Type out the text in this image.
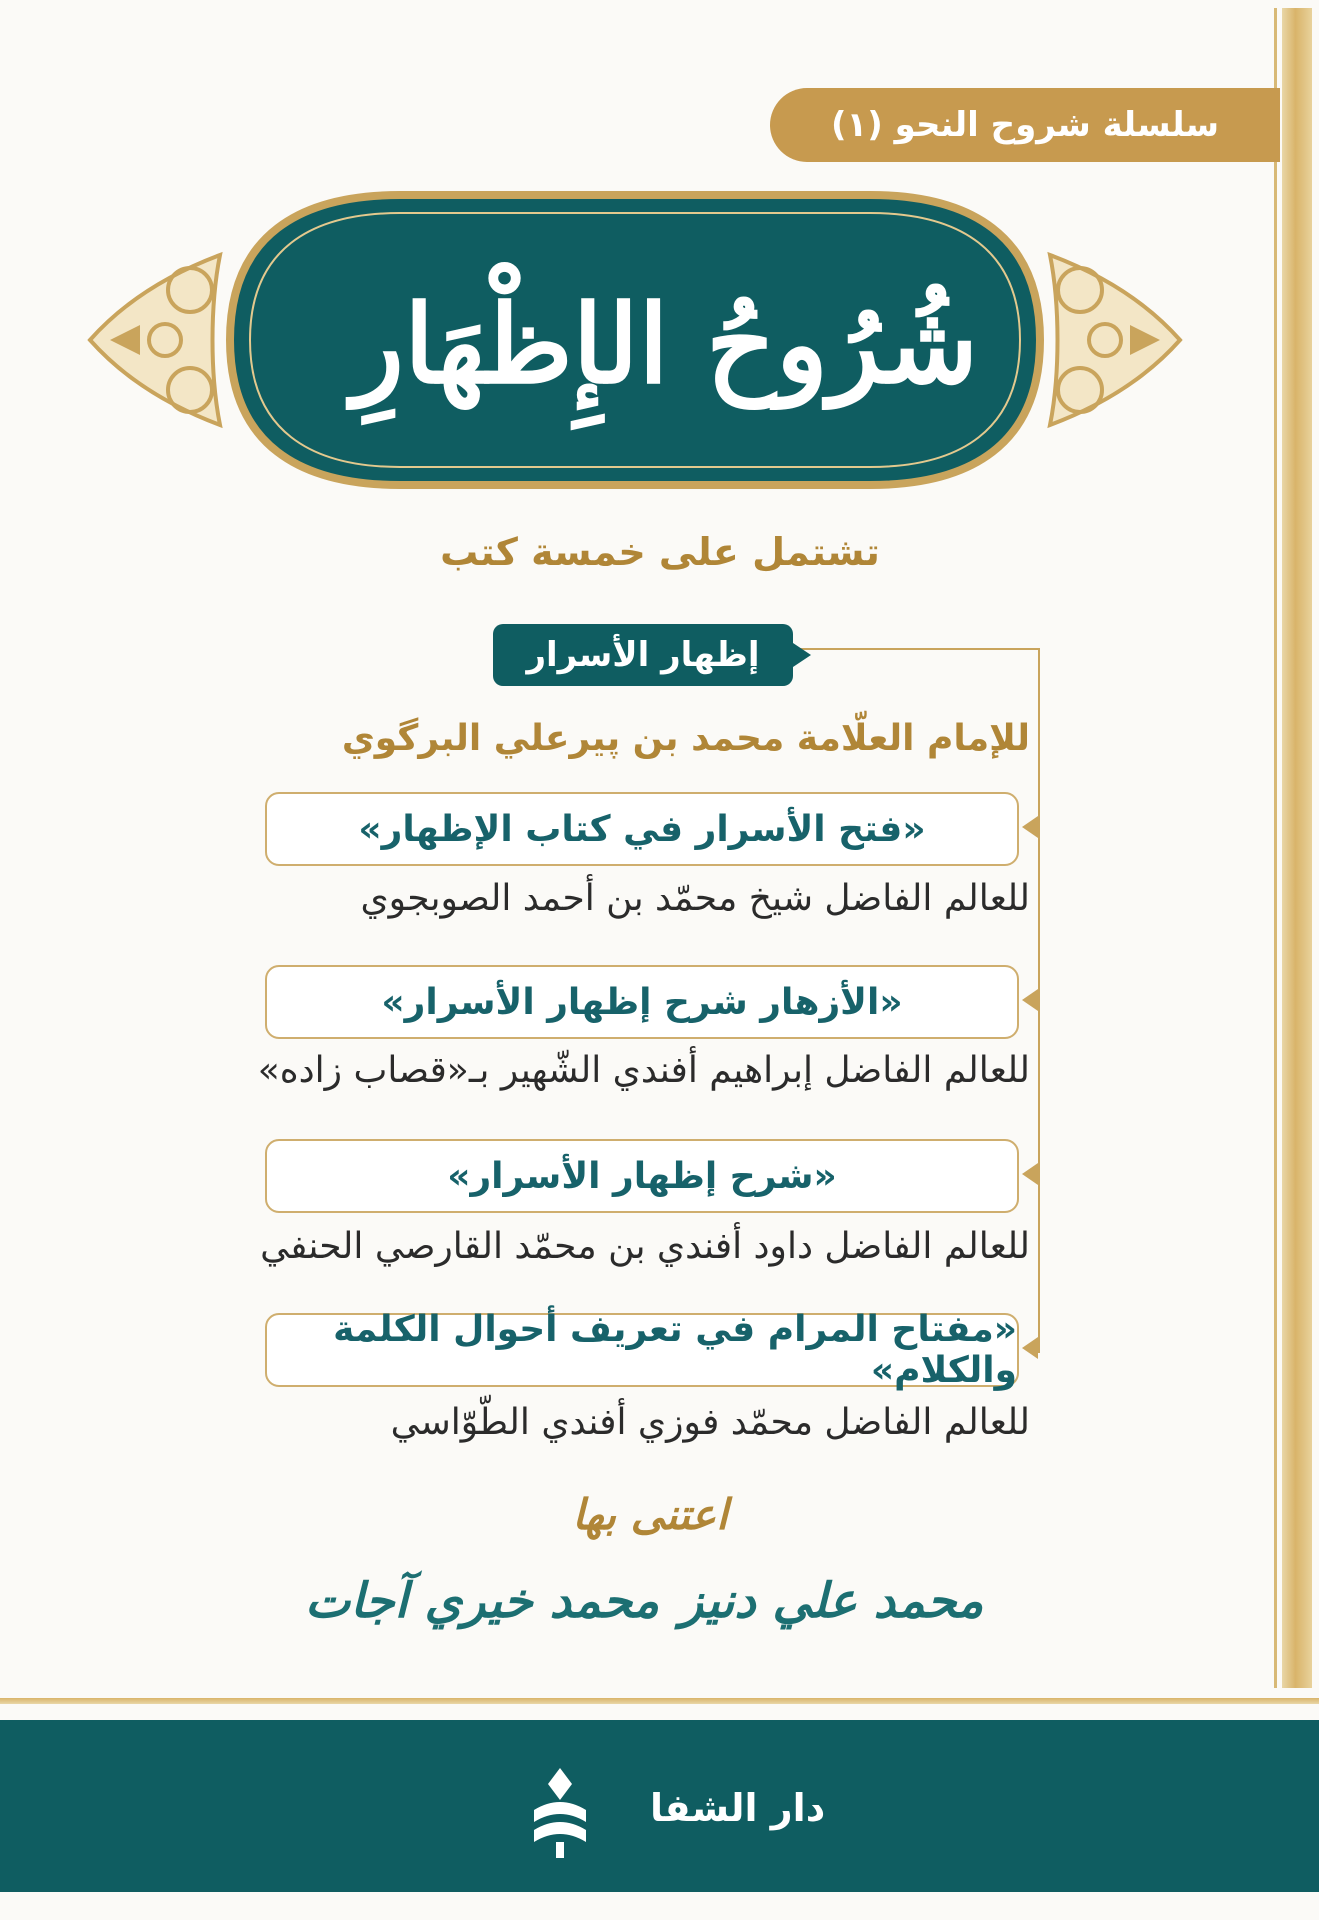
سلسلة شروح النحو (١)
شُرُوحُ الإِظْهَارِ
تشتمل على خمسة كتب
إظهار الأسرار
للإمام العلّامة محمد بن پيرعلي البرگوي
«فتح الأسرار في كتاب الإظهار»
للعالم الفاضل شيخ محمّد بن أحمد الصوبجوي
«الأزهار شرح إظهار الأسرار»
للعالم الفاضل إبراهيم أفندي الشّهير بـ«قصاب زاده»
«شرح إظهار الأسرار»
للعالم الفاضل داود أفندي بن محمّد القارصي الحنفي
«مفتاح المرام في تعريف أحوال الكلمة والكلام»
للعالم الفاضل محمّد فوزي أفندي الطّوّاسي
اعتنى بها
محمد علي دنيز
محمد خيري آجات
دار الشفا
